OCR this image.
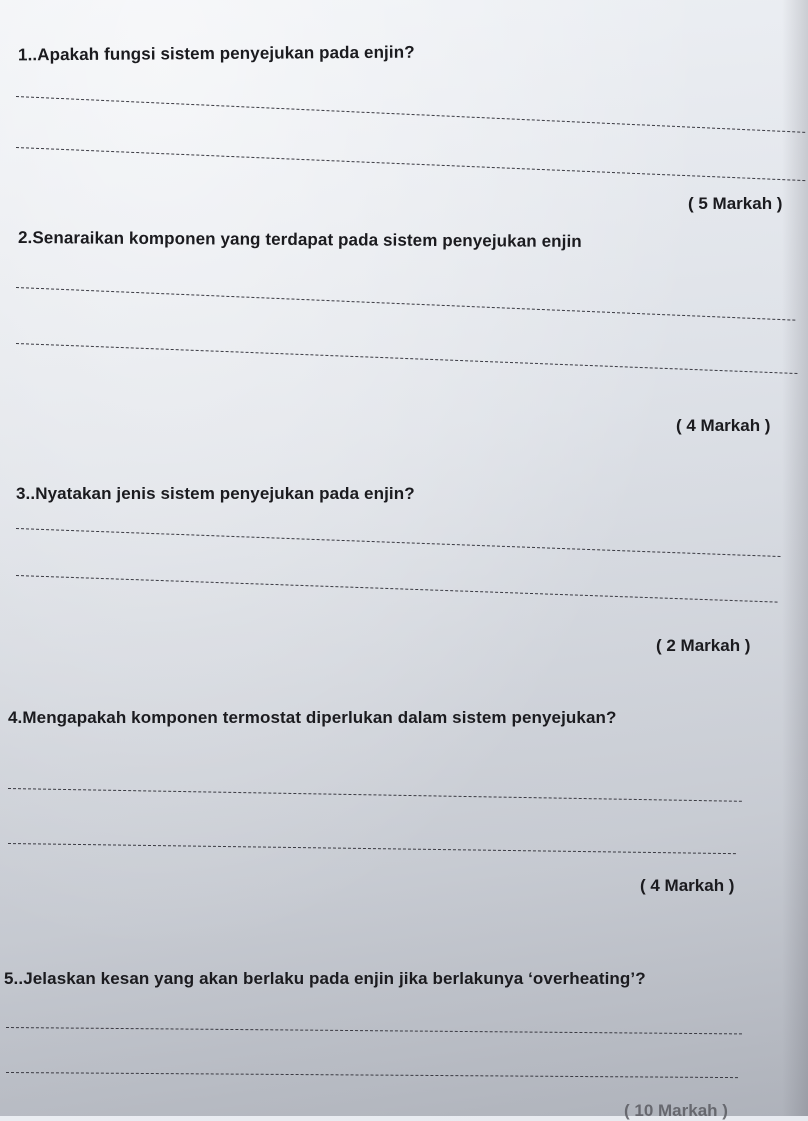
1..Apakah fungsi sistem penyejukan pada enjin?

( 5 Markah )

2.Senaraikan komponen yang terdapat pada sistem penyejukan enjin

( 4 Markah )

3..Nyatakan jenis sistem penyejukan pada enjin?

( 2 Markah )

4.Mengapakah komponen termostat diperlukan dalam sistem penyejukan?

( 4 Markah )

5..Jelaskan kesan yang akan berlaku pada enjin jika berlakunya ‘overheating’?

( 10 Markah )
